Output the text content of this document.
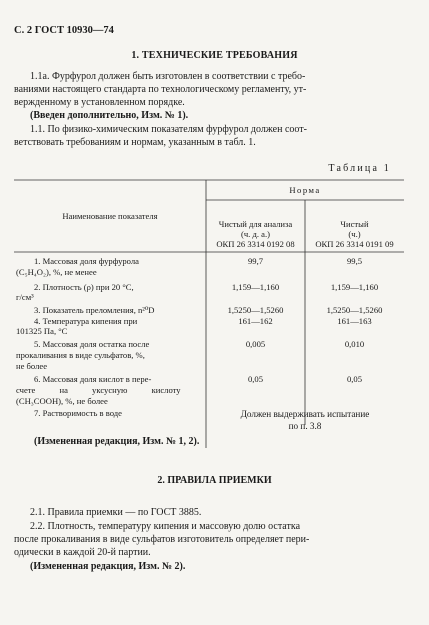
С. 2 ГОСТ 10930—74
1. ТЕХНИЧЕСКИЕ ТРЕБОВАНИЯ
1.1а. Фурфурол должен быть изготовлен в соответствии с требо-
ваниями настоящего стандарта по технологическому регламенту, ут-
вержденному в установленном порядке.
(Введен дополнительно, Изм. № 1).
1.1. По физико-химическим показателям фурфурол должен соот-
ветствовать требованиям и нормам, указанным в табл. 1.
Таблица 1
Наименование показателя
Норма
Чистый для анализа
(ч. д. а.)
ОКП 26 3314 0192 08
Чистый
(ч.)
ОКП 26 3314 0191 09
1. Массовая доля фурфурола
(C₅H₄O₂), %, не менее
99,7	99,5
2. Плотность (ρ) при 20 °С,
г/см³
1,159—1,160	1,159—1,160
3. Показатель преломления, n²⁰D	1,5250—1,5260	1,5250—1,5260
4. Температура кипения при
101325 Па, °С
161—162	161—163
5. Массовая доля остатка после
прокаливания в виде сульфатов, %,
не более
0,005	0,010
6. Массовая доля кислот в пере-
счете на уксусную кислоту
(CH₃COOH), %, не более
0,05	0,05
7. Растворимость в воде	Должен выдерживать испытание
по п. 3.8
(Измененная редакция, Изм. № 1, 2).
2. ПРАВИЛА ПРИЕМКИ
2.1. Правила приемки — по ГОСТ 3885.
2.2. Плотность, температуру кипения и массовую долю остатка
после прокаливания в виде сульфатов изготовитель определяет пери-
одически в каждой 20-й партии.
(Измененная редакция, Изм. № 2).
